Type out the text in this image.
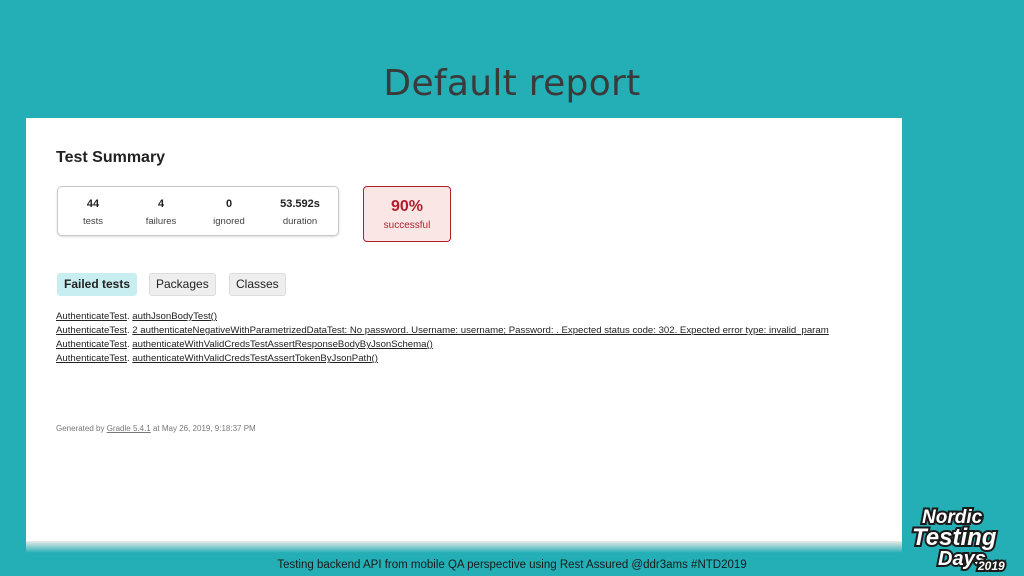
Default report
Test Summary
44
tests
4
failures
0
ignored
53.592s
duration
90%
successful
Failed tests	Packages	Classes
AuthenticateTest. authJsonBodyTest()
AuthenticateTest. 2 authenticateNegativeWithParametrizedDataTest: No password. Username: username; Password: . Expected status code: 302. Expected error type: invalid_param
AuthenticateTest. authenticateWithValidCredsTestAssertResponseBodyByJsonSchema()
AuthenticateTest. authenticateWithValidCredsTestAssertTokenByJsonPath()
Generated by Gradle 5.4.1 at May 26, 2019, 9:18:37 PM
Testing backend API from mobile QA perspective using Rest Assured @ddr3ams #NTD2019
Nordic
Testing
Days
2019
